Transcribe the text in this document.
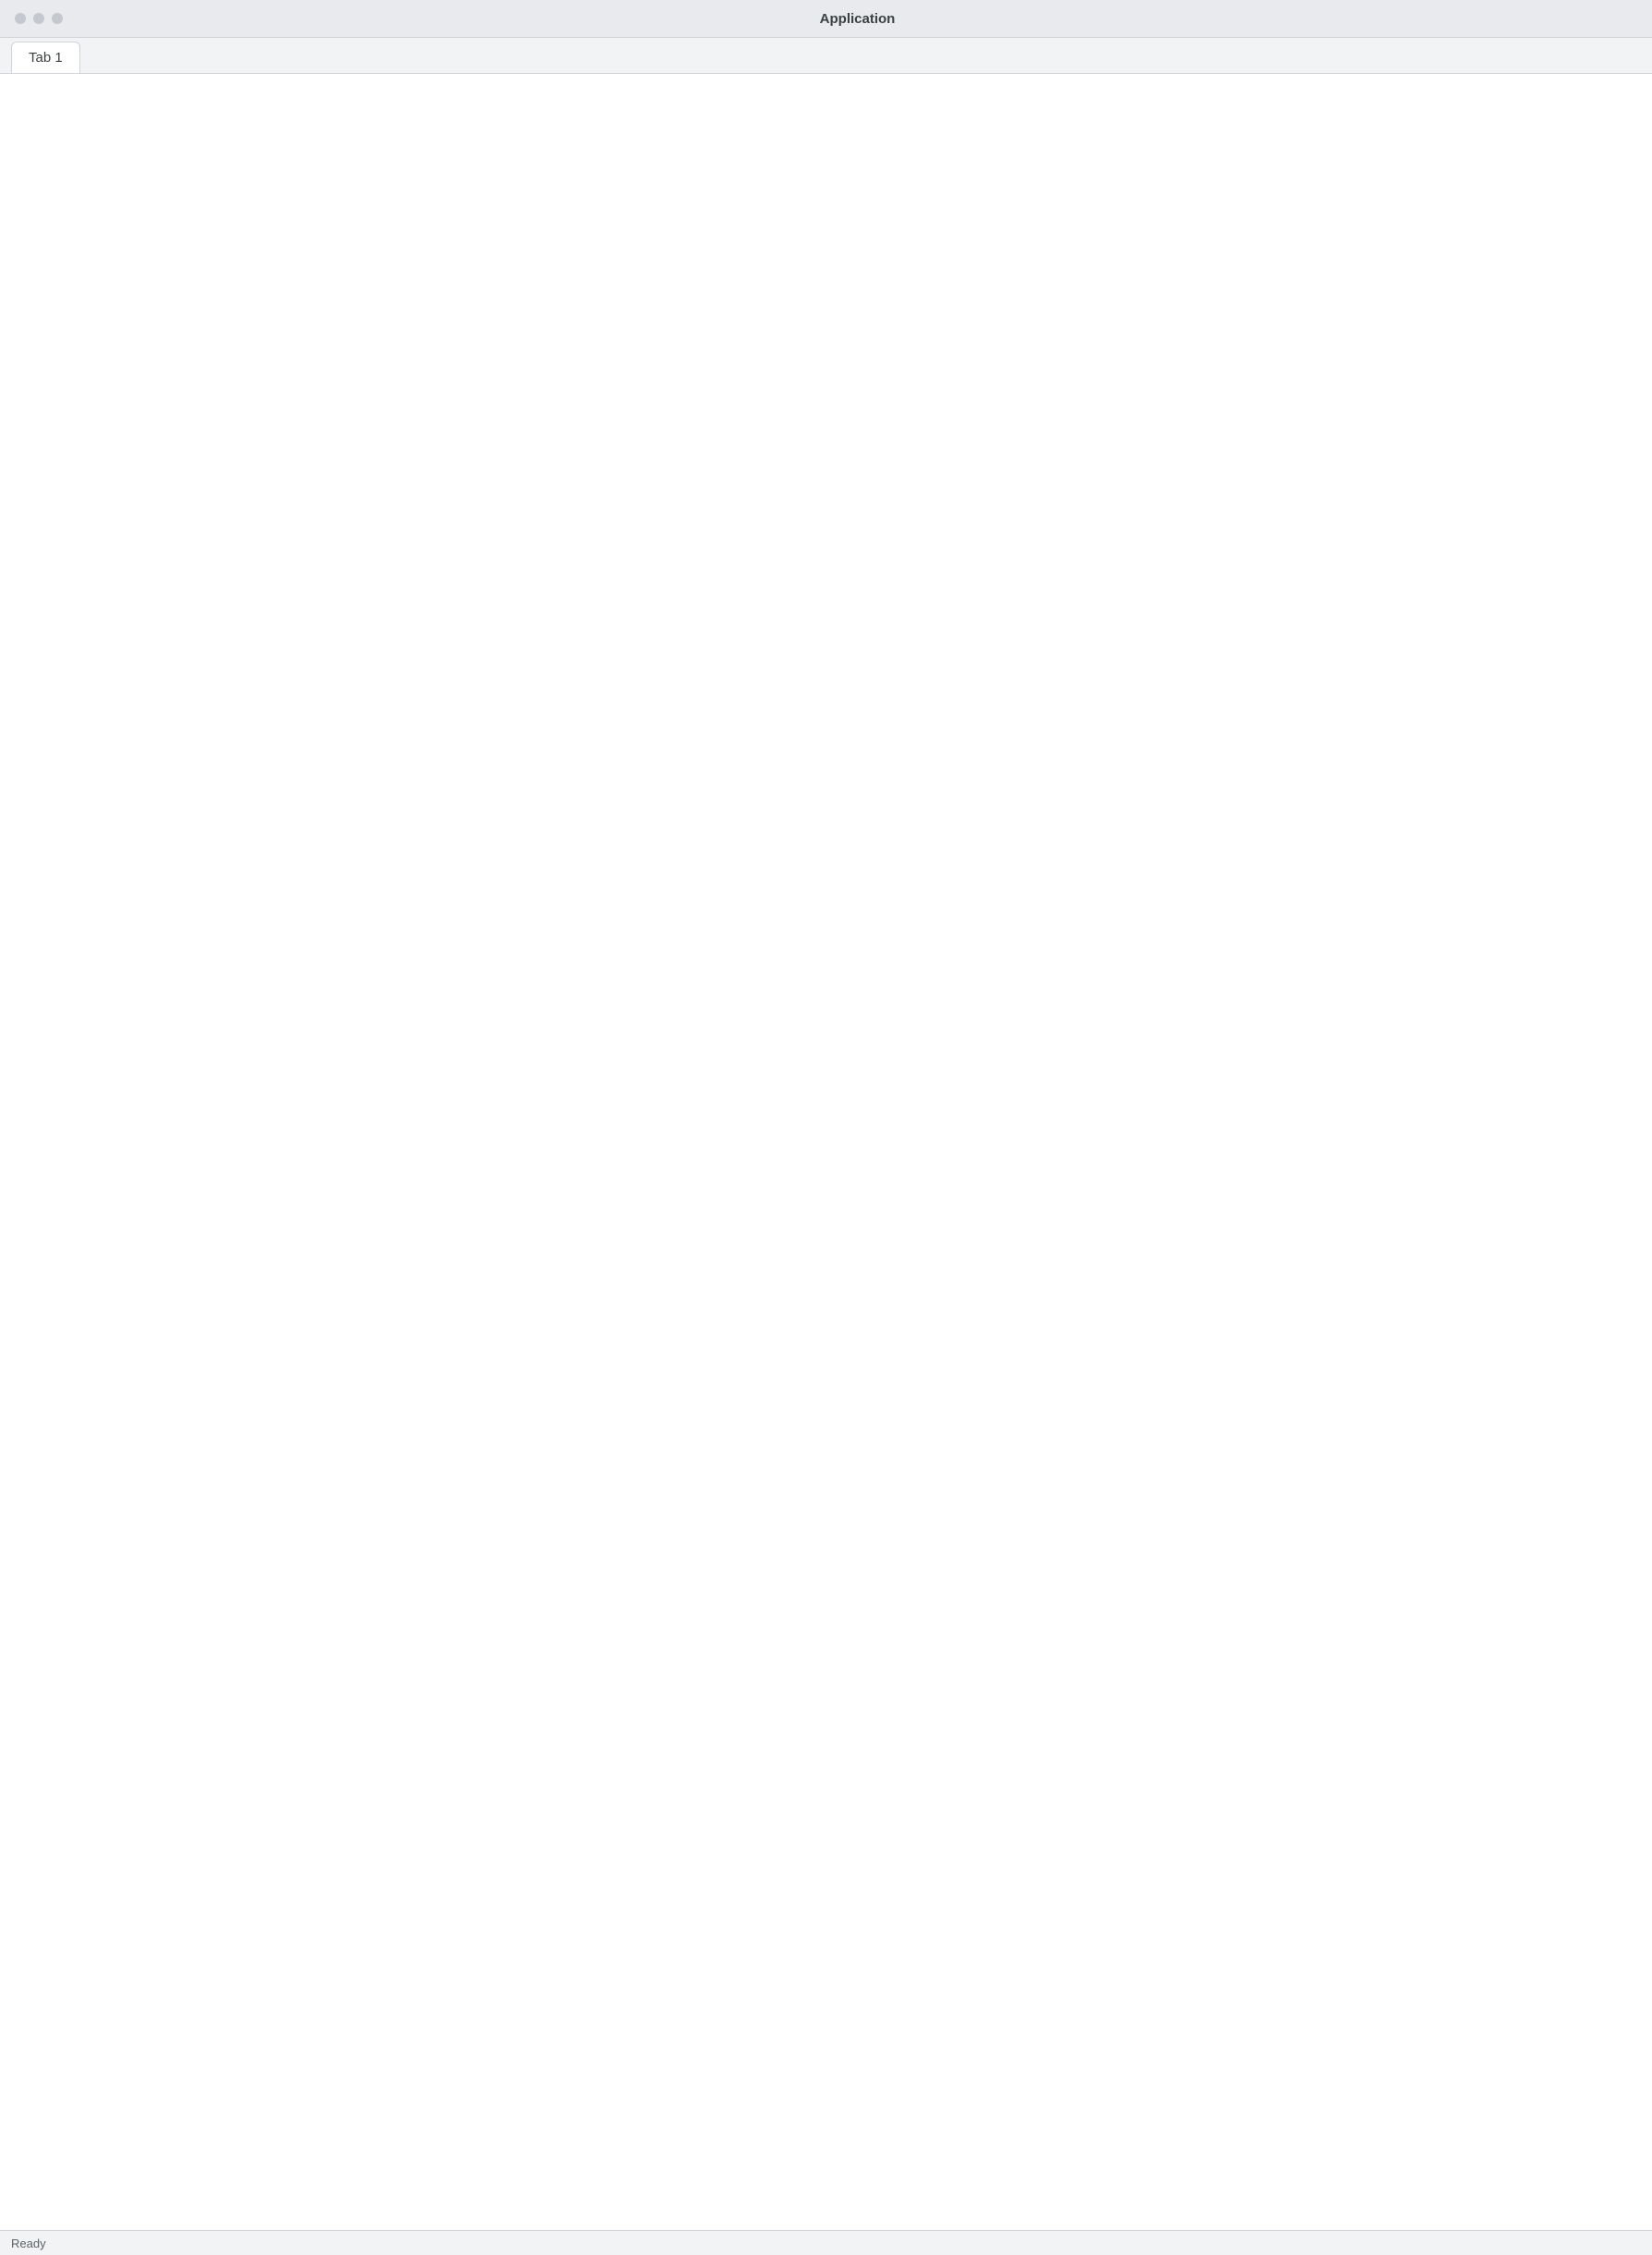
Application
Tab 1
Ready
